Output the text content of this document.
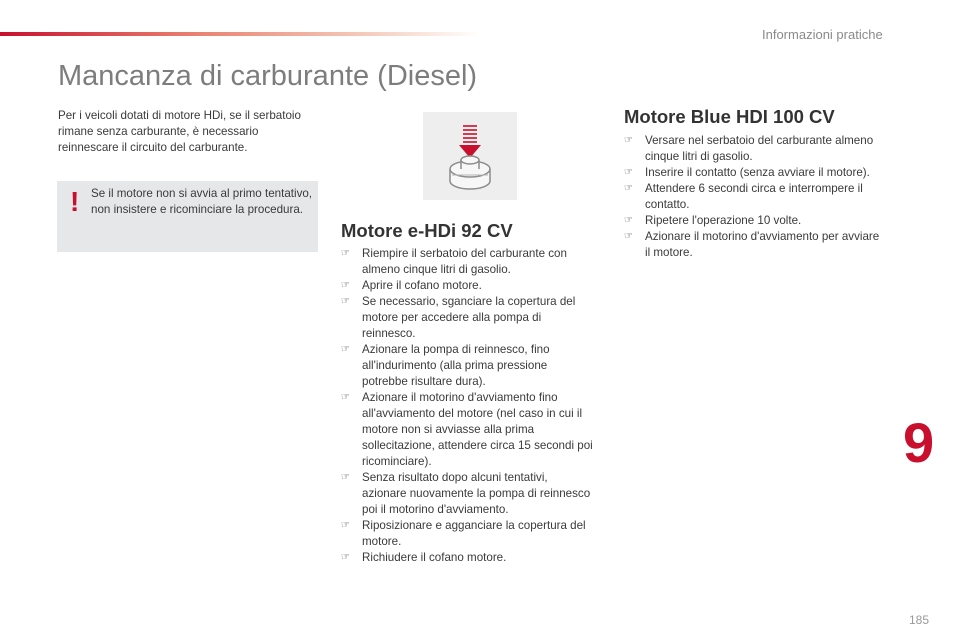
Informazioni pratiche
Mancanza di carburante (Diesel)

Per i veicoli dotati di motore HDi, se il serbatoio rimane senza carburante, è necessario reinnescare il circuito del carburante.

! Se il motore non si avvia al primo tentativo, non insistere e ricominciare la procedura.

Motore e-HDi 92 CV
☞ Riempire il serbatoio del carburante con almeno cinque litri di gasolio.
☞ Aprire il cofano motore.
☞ Se necessario, sganciare la copertura del motore per accedere alla pompa di reinnesco.
☞ Azionare la pompa di reinnesco, fino all'indurimento (alla prima pressione potrebbe risultare dura).
☞ Azionare il motorino d'avviamento fino all'avviamento del motore (nel caso in cui il motore non si avviasse alla prima sollecitazione, attendere circa 15 secondi poi ricominciare).
☞ Senza risultato dopo alcuni tentativi, azionare nuovamente la pompa di reinnesco poi il motorino d'avviamento.
☞ Riposizionare e agganciare la copertura del motore.
☞ Richiudere il cofano motore.
Motore Blue HDI 100 CV
☞ Versare nel serbatoio del carburante almeno cinque litri di gasolio.
☞ Inserire il contatto (senza avviare il motore).
☞ Attendere 6 secondi circa e interrompere il contatto.
☞ Ripetere l'operazione 10 volte.
☞ Azionare il motorino d'avviamento per avviare il motore.
9
185
